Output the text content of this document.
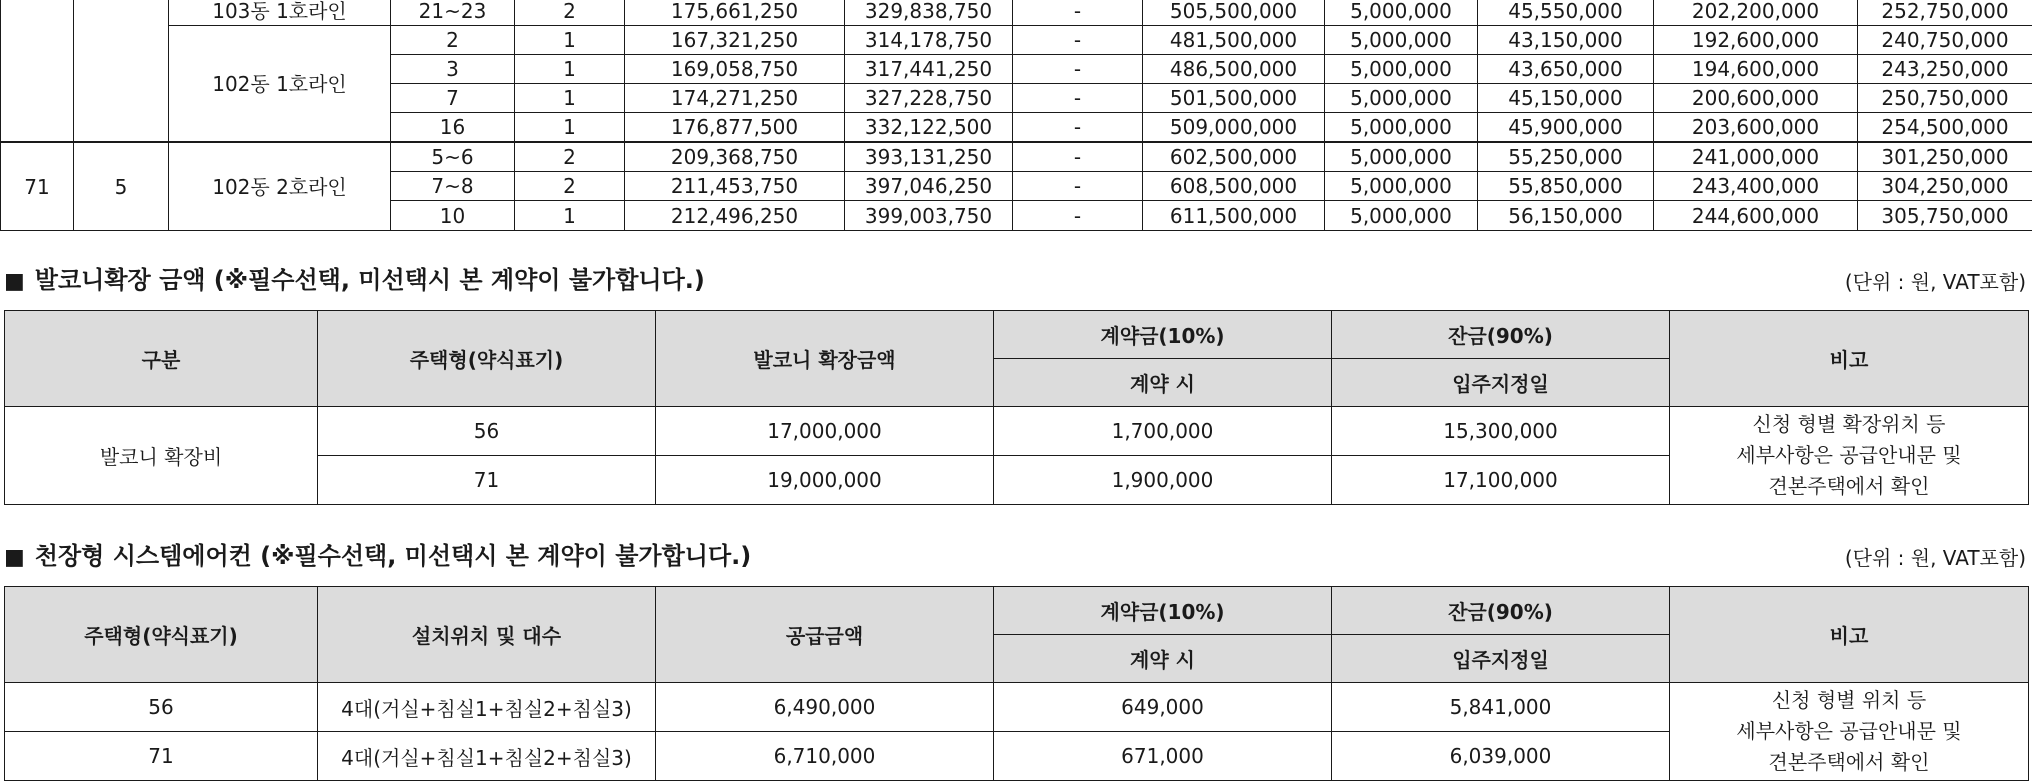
		103동 1호라인	21~23	2	175,661,250	329,838,750	-	505,500,000	5,000,000	45,550,000	202,200,000	252,750,000
		102동 1호라인	2	1	167,321,250	314,178,750	-	481,500,000	5,000,000	43,150,000	192,600,000	240,750,000
			3	1	169,058,750	317,441,250	-	486,500,000	5,000,000	43,650,000	194,600,000	243,250,000
			7	1	174,271,250	327,228,750	-	501,500,000	5,000,000	45,150,000	200,600,000	250,750,000
			16	1	176,877,500	332,122,500	-	509,000,000	5,000,000	45,900,000	203,600,000	254,500,000
71	5	102동 2호라인	5~6	2	209,368,750	393,131,250	-	602,500,000	5,000,000	55,250,000	241,000,000	301,250,000
			7~8	2	211,453,750	397,046,250	-	608,500,000	5,000,000	55,850,000	243,400,000	304,250,000
			10	1	212,496,250	399,003,750	-	611,500,000	5,000,000	56,150,000	244,600,000	305,750,000
■ 발코니확장 금액 (※필수선택, 미선택시 본 계약이 불가합니다.)	(단위 : 원, VAT포함)
구분	주택형(약식표기)	발코니 확장금액	계약금(10%)	잔금(90%)	비고
			계약 시	입주지정일	
발코니 확장비	56	17,000,000	1,700,000	15,300,000	신청 형별 확장위치 등
세부사항은 공급안내문 및
견본주택에서 확인

	71	19,000,000	1,900,000	17,100,000	
■ 천장형 시스템에어컨 (※필수선택, 미선택시 본 계약이 불가합니다.)	(단위 : 원, VAT포함)
주택형(약식표기)	설치위치 및 대수	공급금액	계약금(10%)	잔금(90%)	비고
			계약 시	입주지정일	
56	4대(거실+침실1+침실2+침실3)	6,490,000	649,000	5,841,000	신청 형별 위치 등
세부사항은 공급안내문 및
견본주택에서 확인

71	4대(거실+침실1+침실2+침실3)	6,710,000	671,000	6,039,000	
